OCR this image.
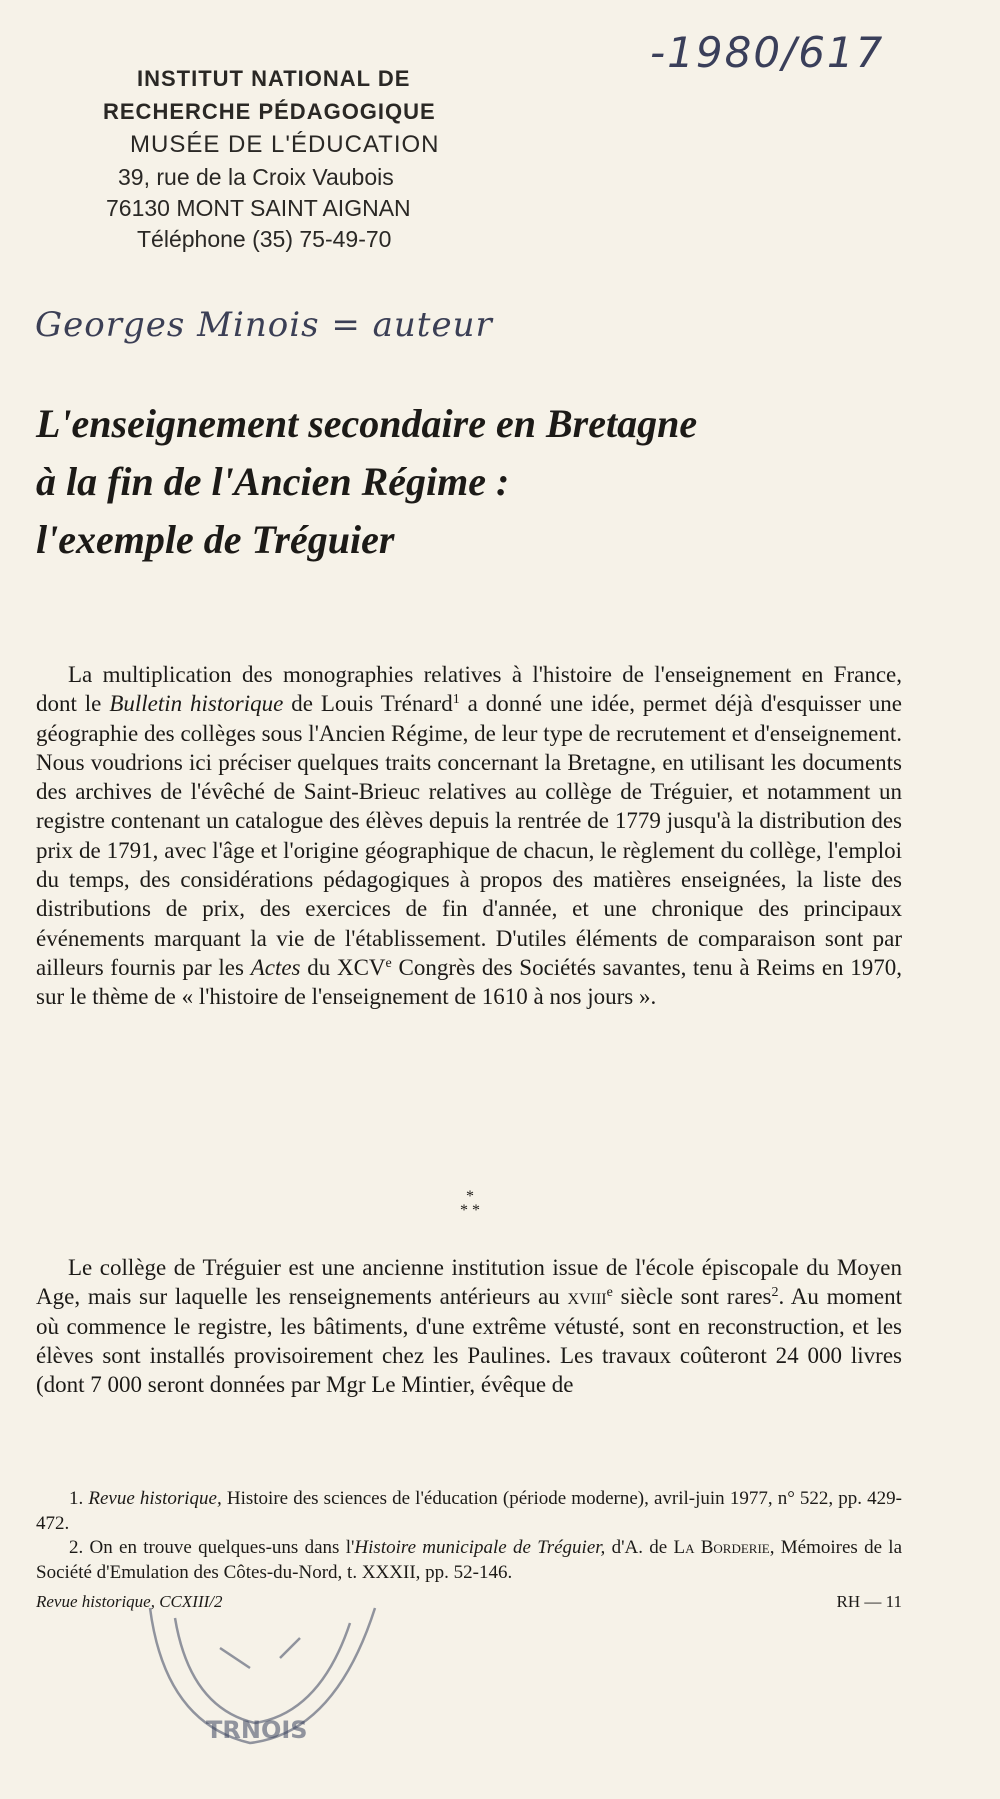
INSTITUT NATIONAL DE
RECHERCHE PÉDAGOGIQUE
MUSÉE DE L'ÉDUCATION
39, rue de la Croix Vaubois
76130 MONT SAINT AIGNAN
Téléphone (35) 75-49-70
-1980/617
Georges Minois = auteur
L'enseignement secondaire en Bretagne
à la fin de l'Ancien Régime :
l'exemple de Tréguier
La multiplication des monographies relatives à l'histoire de l'enseignement en France, dont le Bulletin historique de Louis Trénard$^1$ a donné une idée, permet déjà d'esquisser une géographie des collèges sous l'Ancien Régime, de leur type de recrutement et d'enseignement. Nous voudrions ici préciser quelques traits concernant la Bretagne, en utilisant les documents des archives de l'évêché de Saint-Brieuc relatives au collège de Tréguier, et notamment un registre contenant un catalogue des élèves depuis la rentrée de 1779 jusqu'à la distribution des prix de 1791, avec l'âge et l'origine géographique de chacun, le règlement du collège, l'emploi du temps, des considérations pédagogiques à propos des matières enseignées, la liste des distributions de prix, des exercices de fin d'année, et une chronique des principaux événements marquant la vie de l'établissement. D'utiles éléments de comparaison sont par ailleurs fournis par les Actes du XCVe Congrès des Sociétés savantes, tenu à Reims en 1970, sur le thème de « l'histoire de l'enseignement de 1610 à nos jours ».
*
* *
Le collège de Tréguier est une ancienne institution issue de l'école épiscopale du Moyen Age, mais sur laquelle les renseignements antérieurs au xviii$^e$ siècle sont rares$^2$. Au moment où commence le registre, les bâtiments, d'une extrême vétusté, sont en reconstruction, et les élèves sont installés provisoirement chez les Paulines. Les travaux coûteront 24 000 livres (dont 7 000 seront données par Mgr Le Mintier, évêque de
1. Revue historique, Histoire des sciences de l'éducation (période moderne), avril-juin 1977, n° 522, pp. 429-472.
2. On en trouve quelques-uns dans l'Histoire municipale de Tréguier, d'A. de La Borderie, Mémoires de la Société d'Emulation des Côtes-du-Nord, t. XXXII, pp. 52-146.
Revue historique, CCXIII/2	RH — 11
TRNOIS
